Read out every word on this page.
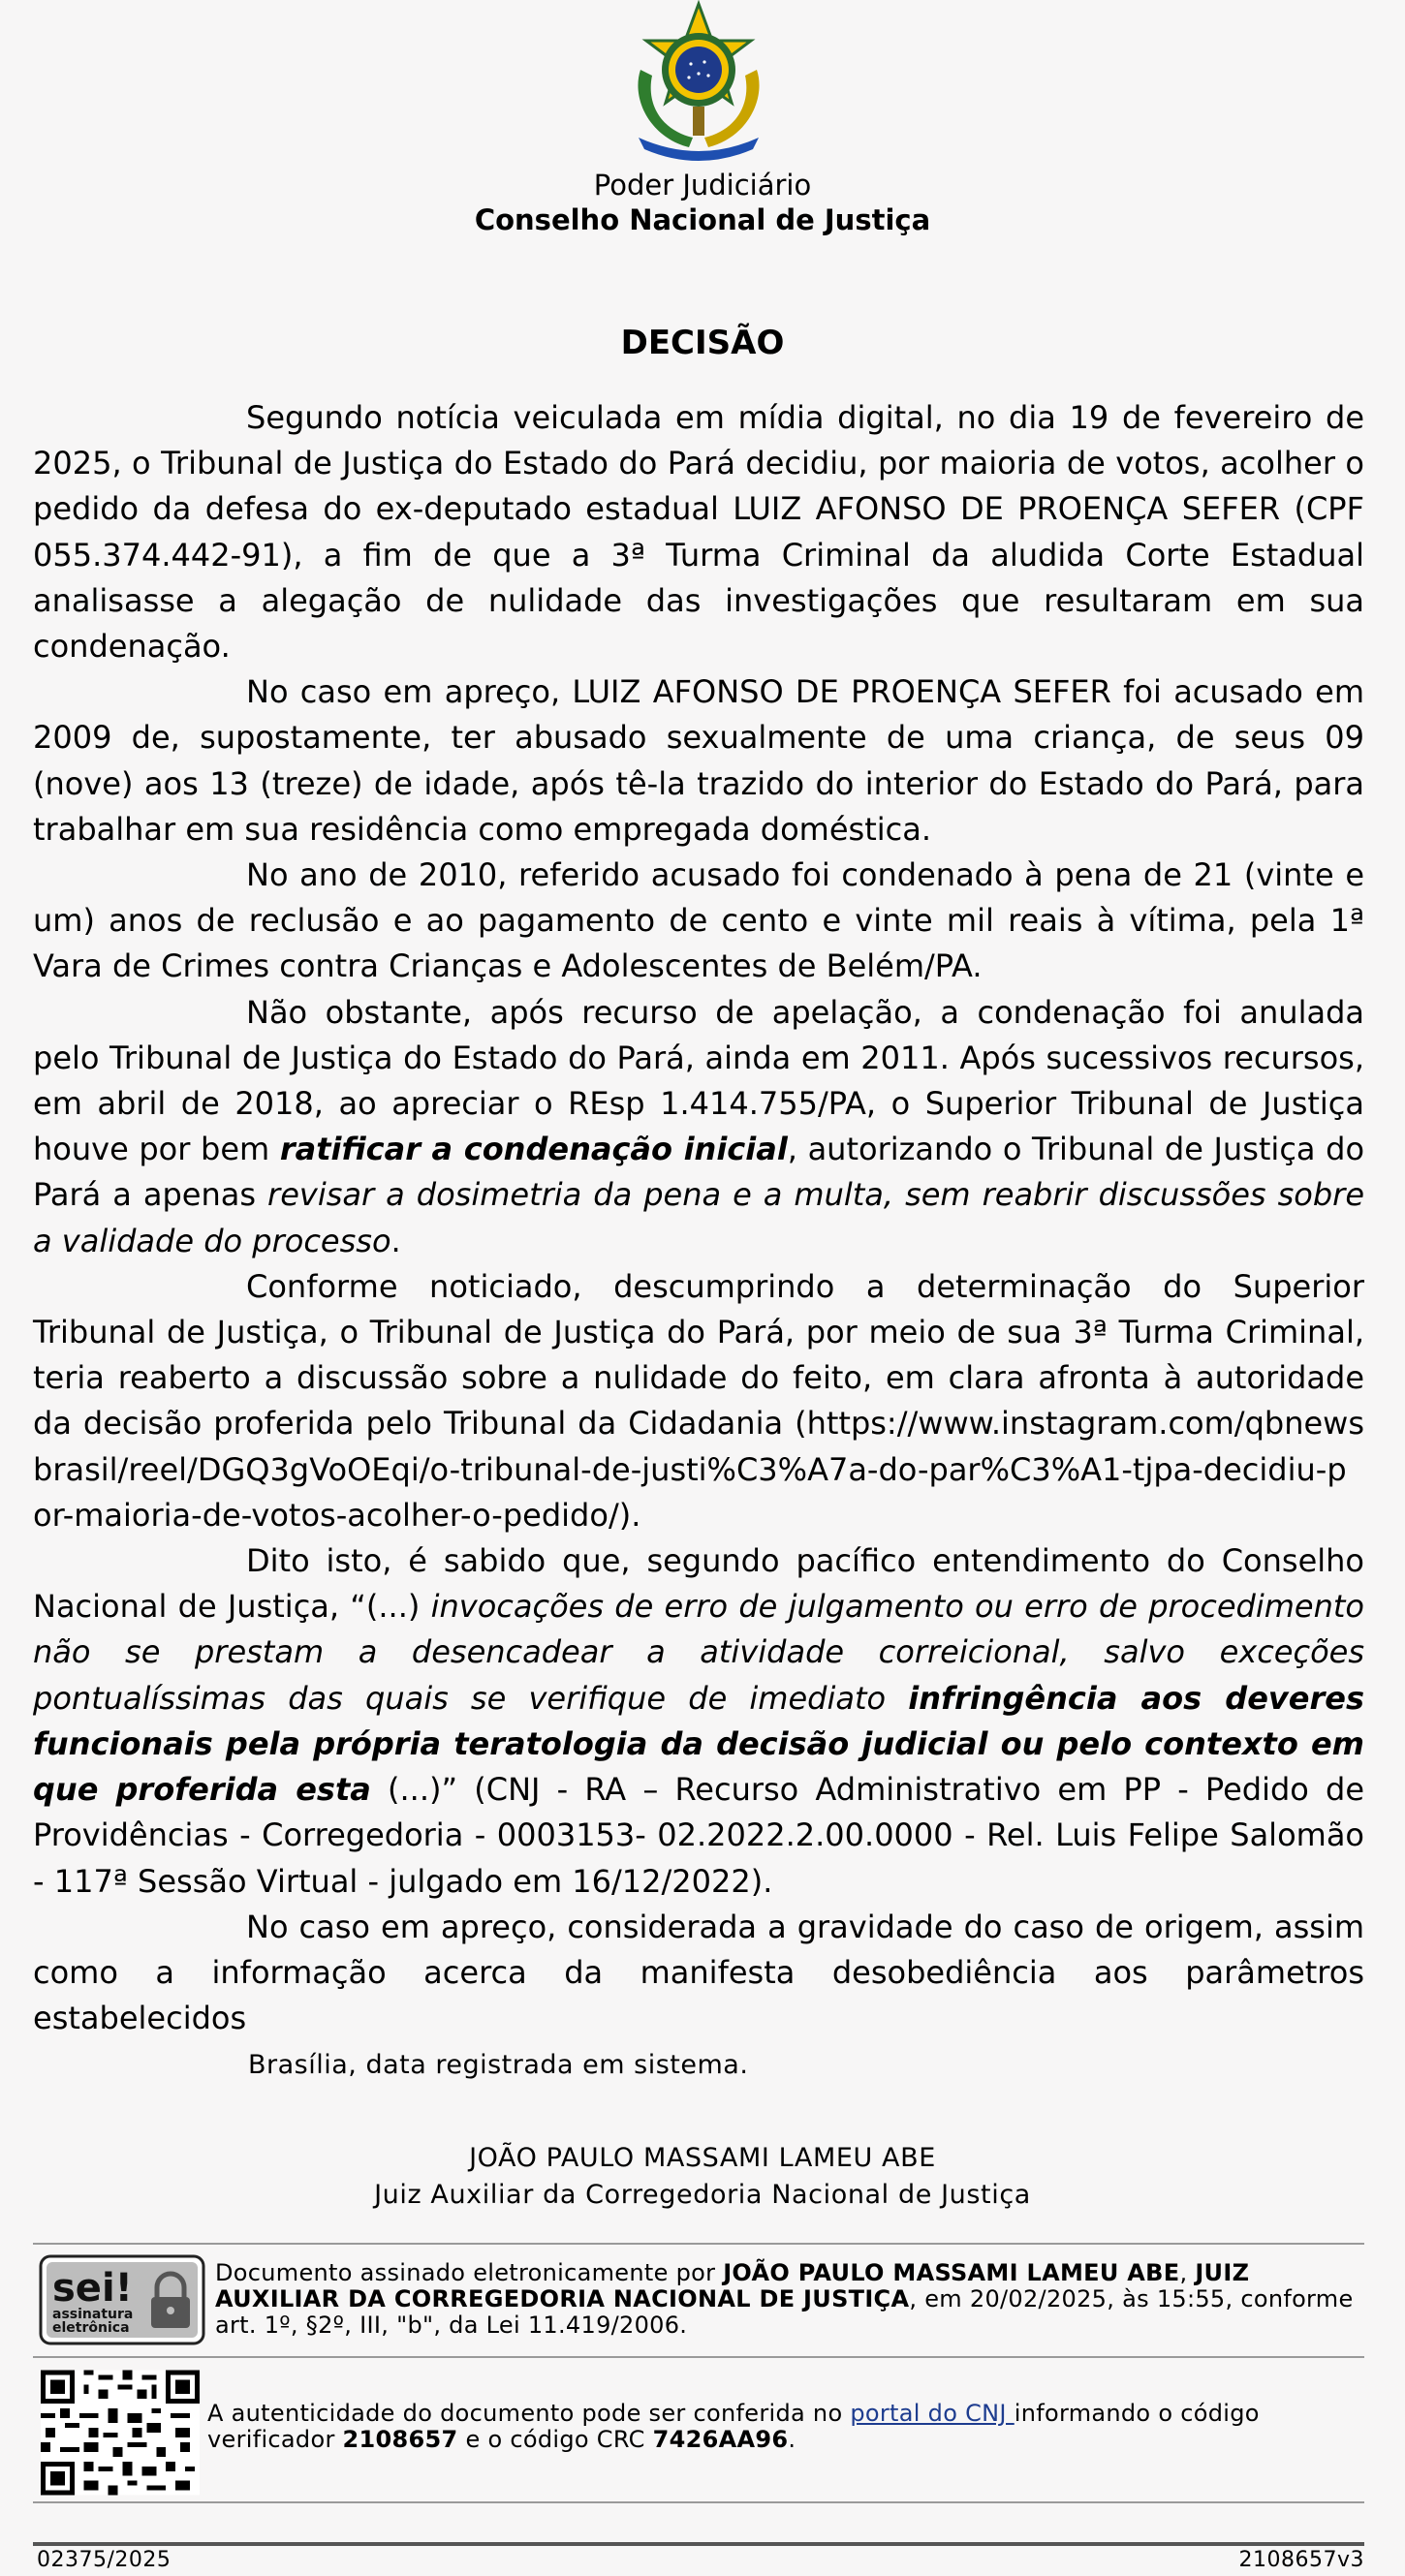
Poder Judiciário
Conselho Nacional de Justiça
DECISÃO

Segundo notícia veiculada em mídia digital, no dia 19 de fevereiro de 2025, o Tribunal de Justiça do Estado do Pará decidiu, por maioria de votos, acolher o pedido da defesa do ex-deputado estadual LUIZ AFONSO DE PROENÇA SEFER (CPF 055.374.442-91), a fim de que a 3ª Turma Criminal da aludida Corte Estadual analisasse a alegação de nulidade das investigações que resultaram em sua condenação.

No caso em apreço, LUIZ AFONSO DE PROENÇA SEFER foi acusado em 2009 de, supostamente, ter abusado sexualmente de uma criança, de seus 09 (nove) aos 13 (treze) de idade, após tê-la trazido do interior do Estado do Pará, para trabalhar em sua residência como empregada doméstica.

No ano de 2010, referido acusado foi condenado à pena de 21 (vinte e um) anos de reclusão e ao pagamento de cento e vinte mil reais à vítima, pela 1ª Vara de Crimes contra Crianças e Adolescentes de Belém/PA.

Não obstante, após recurso de apelação, a condenação foi anulada pelo Tribunal de Justiça do Estado do Pará, ainda em 2011. Após sucessivos recursos, em abril de 2018, ao apreciar o REsp 1.414.755/PA, o Superior Tribunal de Justiça houve por bem ratificar a condenação inicial, autorizando o Tribunal de Justiça do Pará a apenas revisar a dosimetria da pena e a multa, sem reabrir discussões sobre a validade do processo.

Conforme noticiado, descumprindo a determinação do Superior Tribunal de Justiça, o Tribunal de Justiça do Pará, por meio de sua 3ª Turma Criminal, teria reaberto a discussão sobre a nulidade do feito, em clara afronta à autoridade da decisão proferida pelo Tribunal da Cidadania (https://www.instagram.com/qbnewsbrasil/reel/DGQ3gVoOEqi/o-tribunal-de-justi%C3%A7a-do-par%C3%A1-tjpa-decidiu-por-maioria-de-votos-acolher-o-pedido/).

Dito isto, é sabido que, segundo pacífico entendimento do Conselho Nacional de Justiça, “(...) invocações de erro de julgamento ou erro de procedimento não se prestam a desencadear a atividade correicional, salvo exceções pontualíssimas das quais se verifique de imediato infringência aos deveres funcionais pela própria teratologia da decisão judicial ou pelo contexto em que proferida esta (...)” (CNJ - RA – Recurso Administrativo em PP - Pedido de Providências - Corregedoria - 0003153- 02.2022.2.00.0000 - Rel. Luis Felipe Salomão - 117ª Sessão Virtual - julgado em 16/12/2022).

No caso em apreço, considerada a gravidade do caso de origem, assim como a informação acerca da manifesta desobediência aos parâmetros estabelecidos

Brasília, data registrada em sistema.
JOÃO PAULO MASSAMI LAMEU ABE
Juiz Auxiliar da Corregedoria Nacional de Justiça
sei!
assinatura
eletrônica
Documento assinado eletronicamente por JOÃO PAULO MASSAMI LAMEU ABE, JUIZ AUXILIAR DA CORREGEDORIA NACIONAL DE JUSTIÇA, em 20/02/2025, às 15:55, conforme art. 1º, §2º, III, "b", da Lei 11.419/2006.
A autenticidade do documento pode ser conferida no portal do CNJ informando o código verificador 2108657 e o código CRC 7426AA96.
02375/2025	2108657v3
